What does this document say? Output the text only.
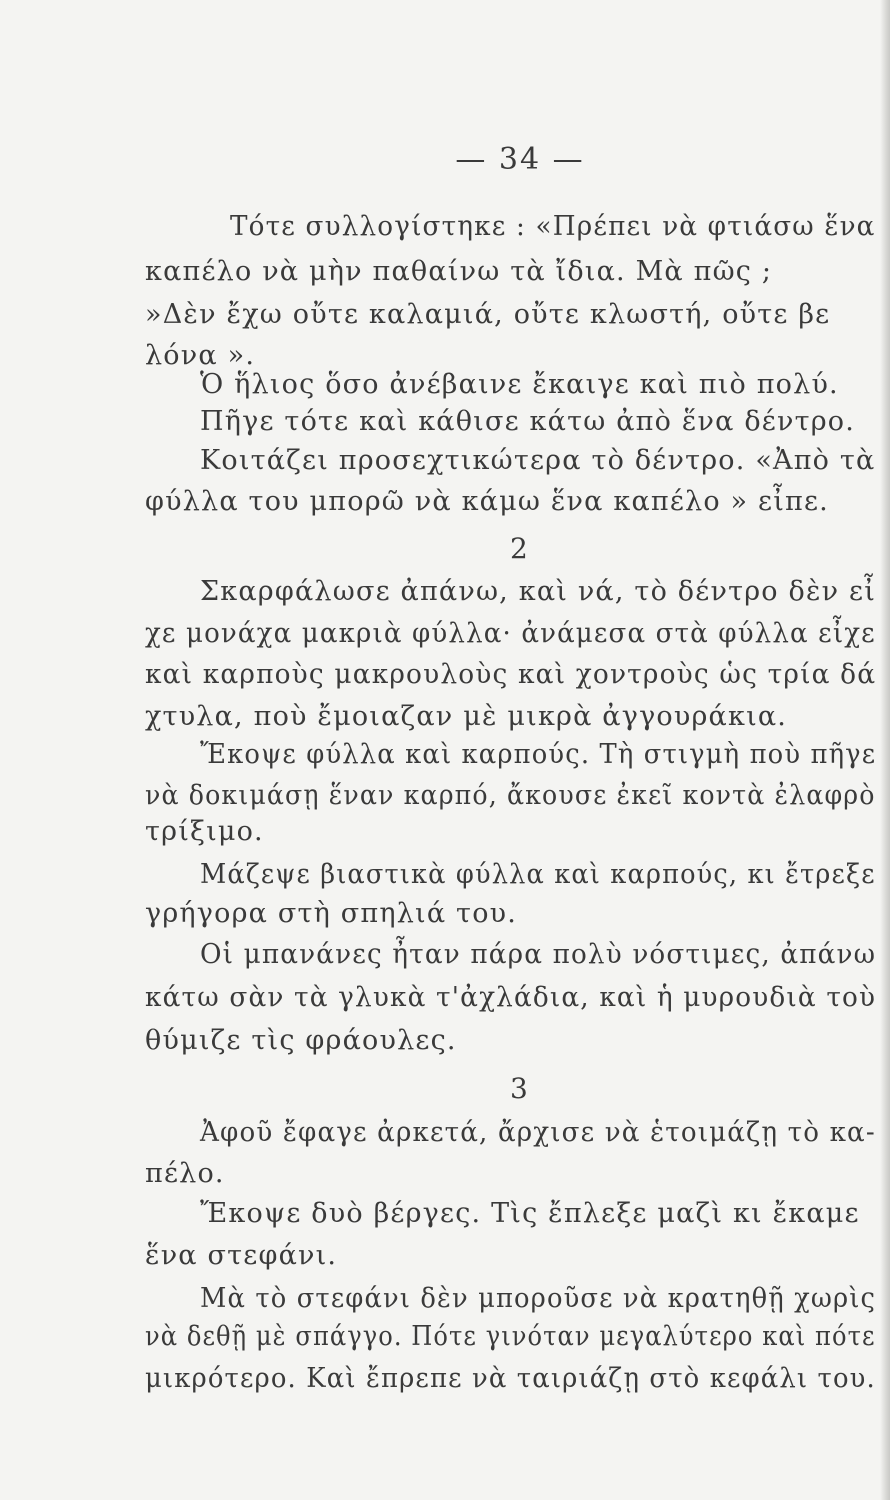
— 34 —
Τότε συλλογίστηκε : «Πρέπει νὰ φτιάσω ἕνα
καπέλο νὰ μὴν παθαίνω τὰ ἴδια. Μὰ πῶς ;
»Δὲν ἔχω οὔτε καλαμιά, οὔτε κλωστή, οὔτε βε
λόνα ».
Ὁ ἥλιος ὅσο ἀνέβαινε ἔκαιγε καὶ πιὸ πολύ.
Πῆγε τότε καὶ κάθισε κάτω ἀπὸ ἕνα δέντρο.
Κοιτάζει προσεχτικώτερα τὸ δέντρο. «Ἀπὸ τὰ
φύλλα του μπορῶ νὰ κάμω ἕνα καπέλο » εἶπε.
2
Σκαρφάλωσε ἀπάνω, καὶ νά, τὸ δέντρο δὲν εἶ
χε μονάχα μακριὰ φύλλα· ἀνάμεσα στὰ φύλλα εἶχε
καὶ καρποὺς μακρουλοὺς καὶ χοντροὺς ὡς τρία δά
χτυλα, ποὺ ἔμοιαζαν μὲ μικρὰ ἀγγουράκια.
Ἔκοψε φύλλα καὶ καρπούς. Τὴ στιγμὴ ποὺ πῆγε
νὰ δοκιμάσῃ ἕναν καρπό, ἄκουσε ἐκεῖ κοντὰ ἐλαφρὸ
τρίξιμο.
Μάζεψε βιαστικὰ φύλλα καὶ καρπούς, κι ἔτρεξε
γρήγορα στὴ σπηλιά του.
Οἱ μπανάνες ἦταν πάρα πολὺ νόστιμες, ἀπάνω
κάτω σὰν τὰ γλυκὰ τ'ἀχλάδια, καὶ ἡ μυρουδιὰ τοὺ
θύμιζε τὶς φράουλες.
3
Ἀφοῦ ἔφαγε ἀρκετά, ἄρχισε νὰ ἑτοιμάζῃ τὸ κα-
πέλο.
Ἔκοψε δυὸ βέργες. Τὶς ἔπλεξε μαζὶ κι ἔκαμε
ἕνα στεφάνι.
Μὰ τὸ στεφάνι δὲν μποροῦσε νὰ κρατηθῇ χωρὶς
νὰ δεθῇ μὲ σπάγγο. Πότε γινόταν μεγαλύτερο καὶ πότε
μικρότερο. Καὶ ἔπρεπε νὰ ταιριάζῃ στὸ κεφάλι του.
